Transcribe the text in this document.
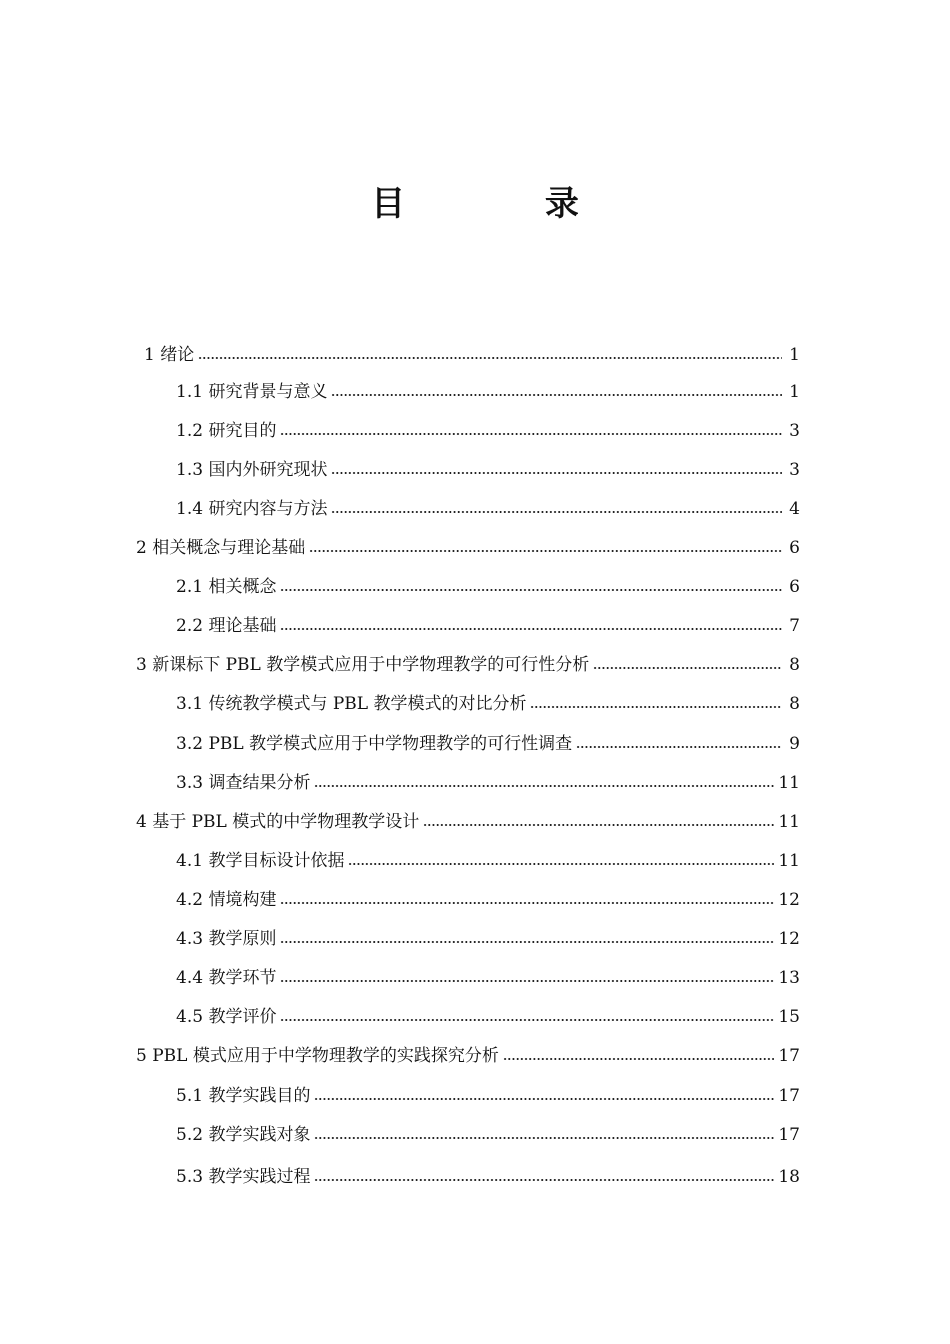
目 录
1 绪论	1
1.1 研究背景与意义	1
1.2 研究目的	3
1.3 国内外研究现状	3
1.4 研究内容与方法	4
2 相关概念与理论基础	6
2.1 相关概念	6
2.2 理论基础	7
3 新课标下 PBL 教学模式应用于中学物理教学的可行性分析	8
3.1 传统教学模式与 PBL 教学模式的对比分析	8
3.2 PBL 教学模式应用于中学物理教学的可行性调查	9
3.3 调查结果分析	11
4 基于 PBL 模式的中学物理教学设计	11
4.1 教学目标设计依据	11
4.2 情境构建	12
4.3 教学原则	12
4.4 教学环节	13
4.5 教学评价	15
5 PBL 模式应用于中学物理教学的实践探究分析	17
5.1 教学实践目的	17
5.2 教学实践对象	17
5.3 教学实践过程	18
